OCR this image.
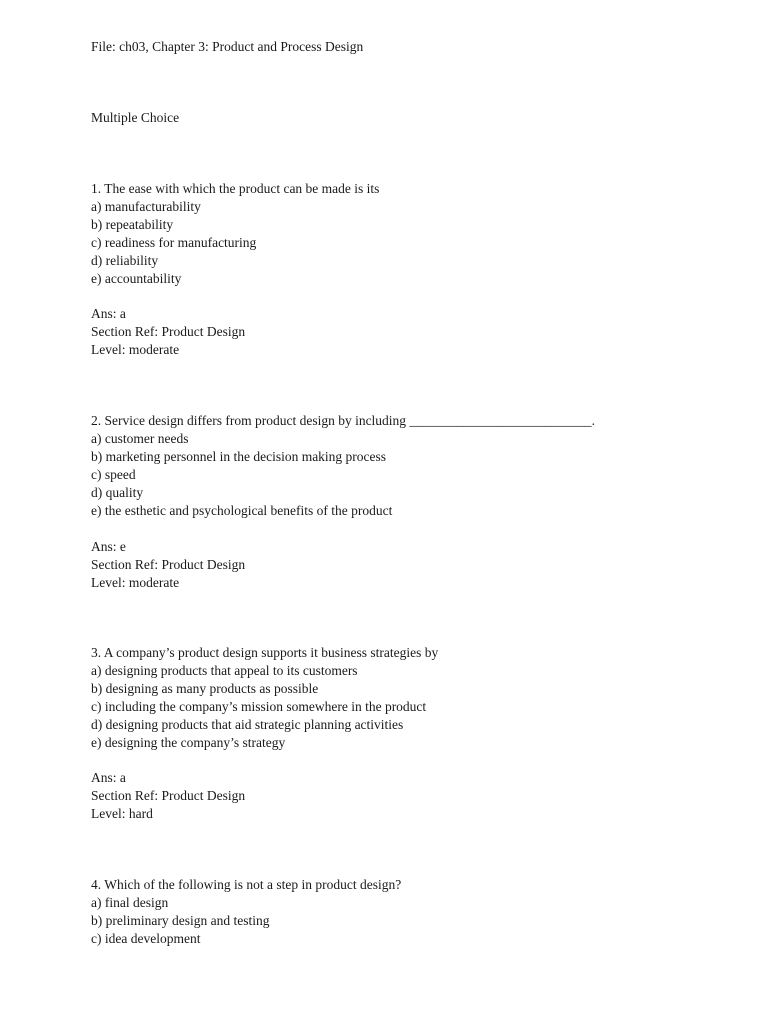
File: ch03, Chapter 3: Product and Process Design
Multiple Choice
1. The ease with which the product can be made is its
a) manufacturability
b) repeatability
c) readiness for manufacturing
d) reliability
e) accountability
Ans: a
Section Ref: Product Design
Level: moderate
2. Service design differs from product design by including ___________________________.
a) customer needs
b) marketing personnel in the decision making process
c) speed
d) quality
e) the esthetic and psychological benefits of the product
Ans: e
Section Ref: Product Design
Level: moderate
3. A company’s product design supports it business strategies by
a) designing products that appeal to its customers
b) designing as many products as possible
c) including the company’s mission somewhere in the product
d) designing products that aid strategic planning activities
e) designing the company’s strategy
Ans: a
Section Ref: Product Design
Level: hard
4. Which of the following is not a step in product design?
a) final design
b) preliminary design and testing
c) idea development
